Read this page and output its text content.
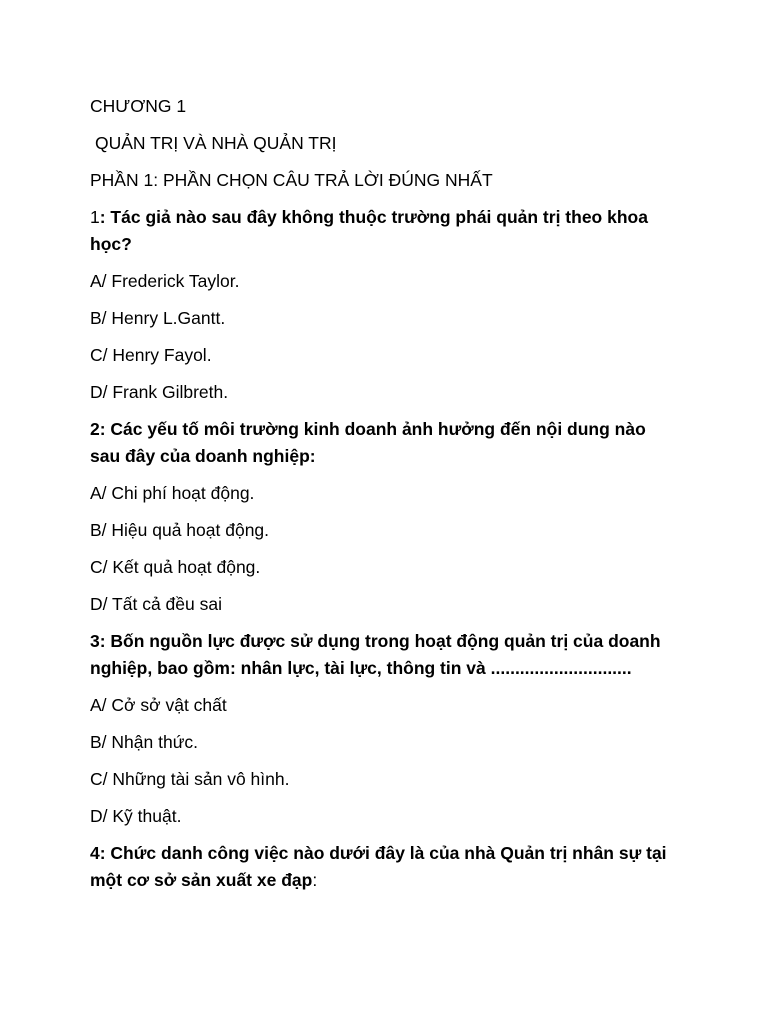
CHƯƠNG 1
QUẢN TRỊ VÀ NHÀ QUẢN TRỊ
PHẦN 1: PHẦN CHỌN CÂU TRẢ LỜI ĐÚNG NHẤT
1: Tác giả nào sau đây không thuộc trường phái quản trị theo khoa học?
A/ Frederick Taylor.
B/ Henry L.Gantt.
C/ Henry Fayol.
D/ Frank Gilbreth.
2: Các yếu tố môi trường kinh doanh ảnh hưởng đến nội dung nào sau đây của doanh nghiệp:
A/ Chi phí hoạt động.
B/ Hiệu quả hoạt động.
C/ Kết quả hoạt động.
D/ Tất cả đều sai
3: Bốn nguồn lực được sử dụng trong hoạt động quản trị của doanh nghiệp, bao gồm: nhân lực, tài lực, thông tin và .............................
A/ Cở sở vật chất
B/ Nhận thức.
C/ Những tài sản vô hình.
D/ Kỹ thuật.
4: Chức danh công việc nào dưới đây là của nhà Quản trị nhân sự tại một cơ sở sản xuất xe đạp:
